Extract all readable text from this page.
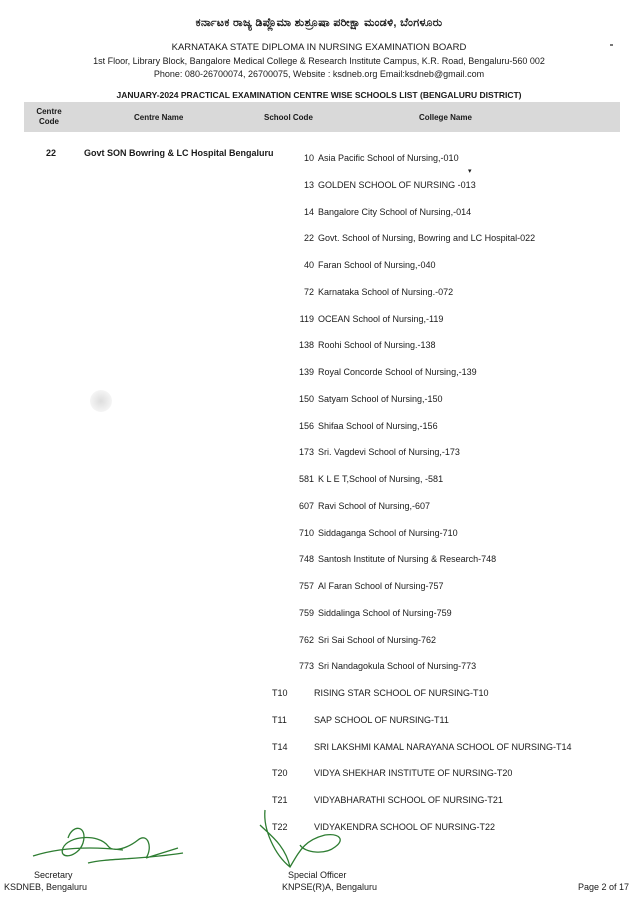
ಕರ್ನಾಟಕ ರಾಜ್ಯ ಡಿಪ್ಲೊಮಾ ಶುಶ್ರೂಷಾ ಪರೀಕ್ಷಾ ಮಂಡಳಿ, ಬೆಂಗಳೂರು
KARNATAKA STATE DIPLOMA IN NURSING EXAMINATION BOARD
1st Floor, Library Block, Bangalore Medical College & Research Institute Campus, K.R. Road, Bengaluru-560 002
Phone: 080-26700074, 26700075, Website : ksdneb.org Email:ksdneb@gmail.com
JANUARY-2024 PRACTICAL EXAMINATION CENTRE WISE SCHOOLS LIST (BENGALURU DISTRICT)
Centre
Code	Centre Name	School Code	College Name
22	Govt SON Bowring & LC Hospital Bengaluru
▾
10 Asia Pacific School of Nursing,-010
13 GOLDEN SCHOOL OF NURSING -013
14 Bangalore City School of Nursing,-014
22 Govt. School of Nursing, Bowring and LC Hospital-022
40 Faran School of Nursing,-040
72 Karnataka School of Nursing.-072
119 OCEAN School of Nursing,-119
138 Roohi School of Nursing.-138
139 Royal Concorde School of Nursing,-139
150 Satyam School of Nursing,-150
156 Shifaa School of Nursing,-156
173 Sri. Vagdevi School of Nursing,-173
581 K L E T,School of Nursing, -581
607 Ravi School of Nursing,-607
710 Siddaganga School of Nursing-710
748 Santosh Institute of Nursing & Research-748
757 Al Faran School of Nursing-757
759 Siddalinga School of Nursing-759
762 Sri Sai School of Nursing-762
773 Sri Nandagokula School of Nursing-773
T10	RISING STAR SCHOOL OF NURSING-T10
T11	SAP SCHOOL OF NURSING-T11
T14	SRI LAKSHMI KAMAL NARAYANA SCHOOL OF NURSING-T14
T20	VIDYA SHEKHAR INSTITUTE OF NURSING-T20
T21	VIDYABHARATHI SCHOOL OF NURSING-T21
T22	VIDYAKENDRA SCHOOL OF NURSING-T22
Secretary
KSDNEB, Bengaluru
Special Officer
KNPSE(R)A, Bengaluru	Page 2 of 17
